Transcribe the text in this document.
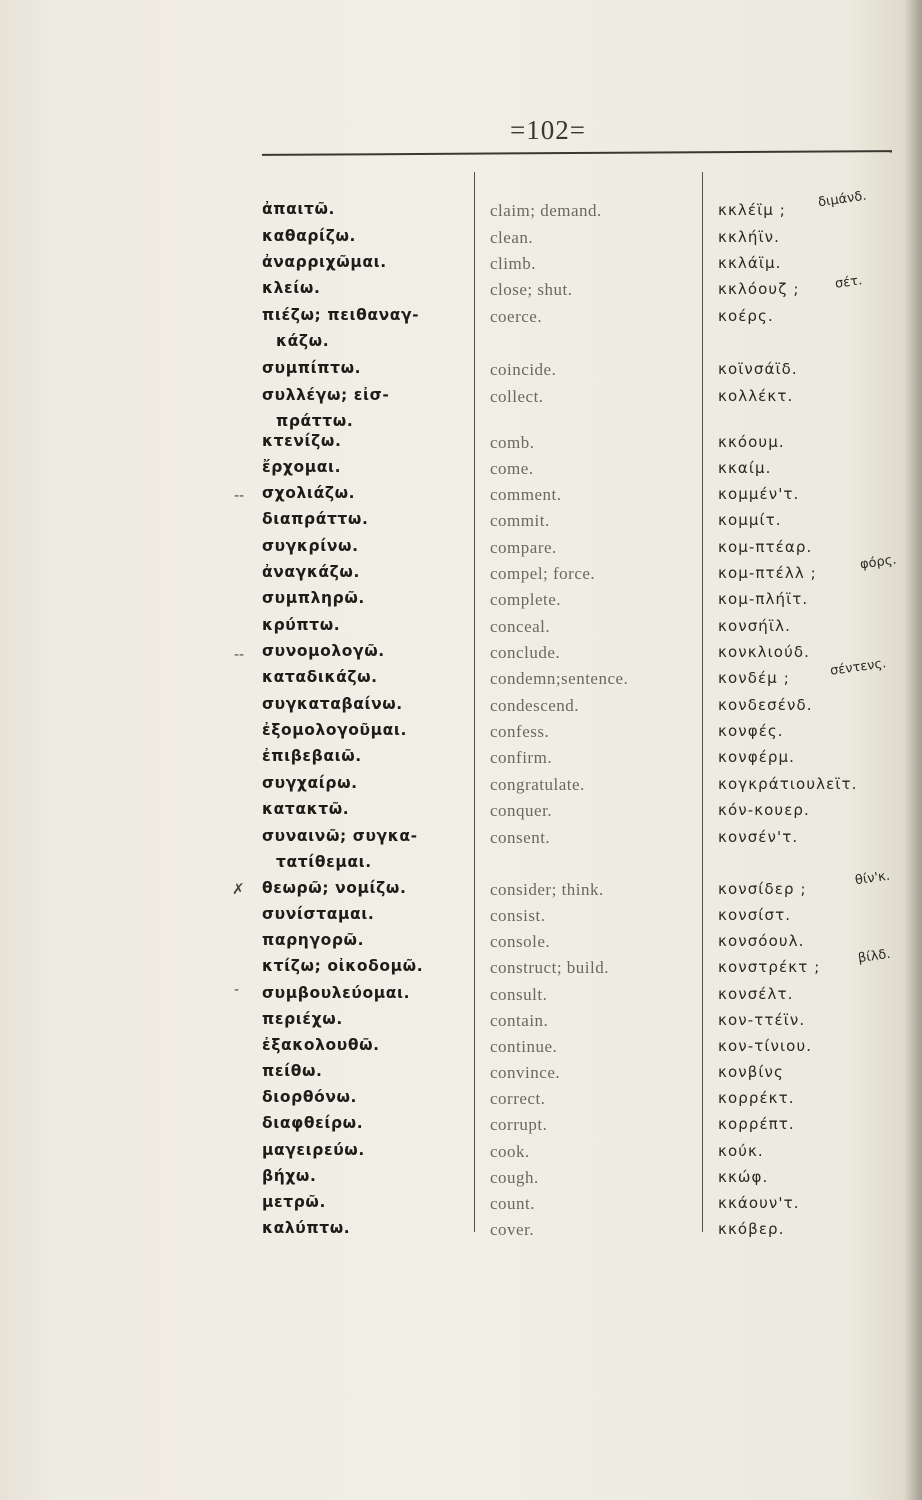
=102=
--
--
✗
-
ἀπαιτῶ.	claim; demand.	κκλέϊμ ; διμάνδ.
καθαρίζω.	clean.	κκλήϊν.
ἀναρριχῶμαι.	climb.	κκλάϊμ.
κλείω.	close; shut.	κκλόουζ ;	σέτ.
πιέζω; πειθαναγ-	coerce.	κοέρς.
κάζω.
συμπίπτω.	coincide.	κοϊνσάϊδ.
συλλέγω; εἰσ-	collect.	κολλέκτ.
πράττω.
κτενίζω.	comb.	κκόουμ.
ἔρχομαι.	come.	κκαίμ.
σχολιάζω.	comment.	κομμέν'τ.
διαπράττω.	commit.	κομμίτ.
συγκρίνω.	compare.	κομ-πτέαρ.
ἀναγκάζω.	compel; force.	κομ-πτέλλ ;
φόρς.
συμπληρῶ.	complete.	κομ-πλήϊτ.
κρύπτω.	conceal.	κονσήϊλ.
συνομολογῶ.	conclude.	κονκλιούδ.
καταδικάζω.	condemn;sentence.	κονδέμ ;	σέντενς.
συγκαταβαίνω.	condescend.	κονδεσένδ.
ἐξομολογοῦμαι.	confess.	κονφές.
ἐπιβεβαιῶ.	confirm.	κονφέρμ.
συγχαίρω.	congratulate.	κογκράτιουλεϊτ.
κατακτῶ.	conquer.	κόν-κουερ.
συναινῶ; συγκα-	consent.	κονσέν'τ.
τατίθεμαι.
θεωρῶ; νομίζω.	consider; think.	κονσίδερ ;
θίν'κ.
συνίσταμαι.	consist.	κονσίστ.
παρηγορῶ.	console.	κονσόουλ.
κτίζω; οἰκοδομῶ.	construct; build.	κονστρέκτ ;
βίλδ.
συμβουλεύομαι.	consult.	κονσέλτ.
περιέχω.	contain.	κον-ττέϊν.
ἐξακολουθῶ.	continue.	κον-τίνιου.
πείθω.	convince.	κονβίνς
διορθόνω.	correct.	κορρέκτ.
διαφθείρω.	corrupt.	κορρέπτ.
μαγειρεύω.	cook.	κούκ.
βήχω.	cough.	κκώφ.
μετρῶ.	count.	κκάουν'τ.
καλύπτω.	cover.	κκόβερ.
